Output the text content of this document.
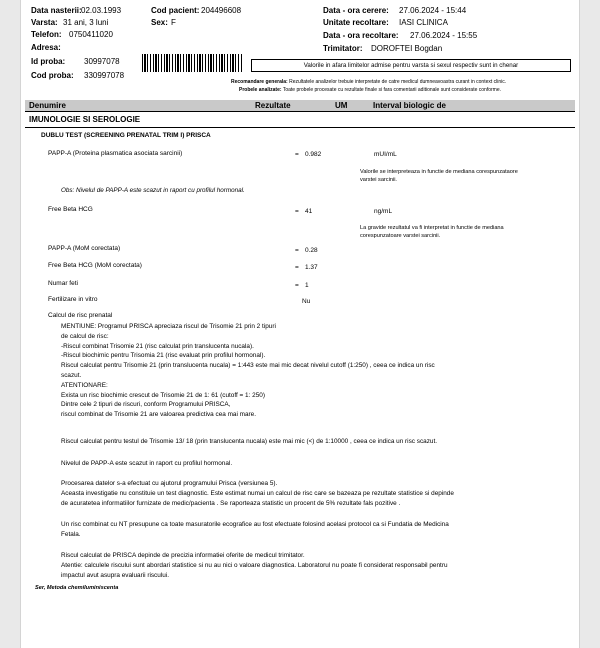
Data nasterii: 02.03.1993
Varsta: 31 ani, 3 luni
Telefon: 0750411020
Adresa:
Id proba: 30997078
Cod proba: 330997078
Cod pacient: 204496608
Sex: F
Data - ora cerere: 27.06.2024 - 15:44
Unitate recoltare: IASI CLINICA
Data - ora recoltare: 27.06.2024 - 15:55
Trimitator: DOROFTEI Bogdan
Valorile in afara limitelor admise pentru varsta si sexul respectiv sunt in chenar
Recomandare generala: Rezultatele analizelor trebuie interpretate de catre medicul dumneavoastra curant in context clinic.
Probele analizate: Toate probele procesate cu rezultate finale si fara comentarii aditionale sunt considerate conforme.
Denumire	Rezultate	UM	Interval biologic de
IMUNOLOGIE SI SEROLOGIE
DUBLU TEST (SCREENING PRENATAL TRIM I) PRISCA
PAPP-A (Proteina plasmatica asociata sarcinii)	= 0.982	mUI/mL
Valorile se interpreteaza in functie de mediana corespunzataore
varstei sarcinii.
Obs: Nivelul de PAPP-A este scazut in raport cu profilul hormonal.
Free Beta HCG	= 41	ng/mL
La gravide rezultatul va fi interpretat in functie de mediana
corespunzatoare varstei sarcinii.
PAPP-A (MoM corectata)	= 0.28
Free Beta HCG (MoM corectata)	= 1.37
Numar feti	= 1
Fertilizare in vitro	Nu
Calcul de risc prenatal
MENTIUNE: Programul PRISCA apreciaza riscul de Trisomie 21 prin 2 tipuri
de calcul de risc:
-Riscul combinat Trisomie 21 (risc calculat prin translucenta nucala).
-Riscul biochimic pentru Trisomia 21 (risc evaluat prin profilul hormonal).
Riscul calculat pentru Trisomie 21 (prin translucenta nucala) = 1:443 este mai mic decat nivelul cutoff (1:250) , ceea ce indica un risc
scazut.
ATENTIONARE:
Exista un risc biochimic crescut de Trisomie 21 de 1: 61 (cutoff = 1: 250)
Dintre cele 2 tipuri de riscuri, conform Programului PRISCA,
riscul combinat de Trisomie 21 are valoarea predictiva cea mai mare.
Riscul calculat pentru testul de Trisomie 13/ 18 (prin translucenta nucala) este mai mic (<) de 1:10000 , ceea ce indica un risc scazut.
Nivelul de PAPP-A este scazut in raport cu profilul hormonal.
Procesarea datelor s-a efectuat cu ajutorul programului Prisca (versiunea 5).
Aceasta investigatie nu constituie un test diagnostic. Este estimat numai un calcul de risc care se bazeaza pe rezultate statistice si depinde
de acuratetea informatiilor furnizate de medic/pacienta . Se raporteaza statistic un procent de 5% rezultate fals pozitive .
Un risc combinat cu NT presupune ca toate masuratorile ecografice au fost efectuate folosind acelasi protocol ca si Fundatia de Medicina
Fetala.
Riscul calculat de PRISCA depinde de precizia informatiei oferite de medicul trimitator.
Atentie: calculele riscului sunt abordari statistice si nu au nici o valoare diagnostica. Laboratorul nu poate fi considerat responsabil pentru
impactul avut asupra evaluarii riscului.
Ser, Metoda chemiluminiscenta
